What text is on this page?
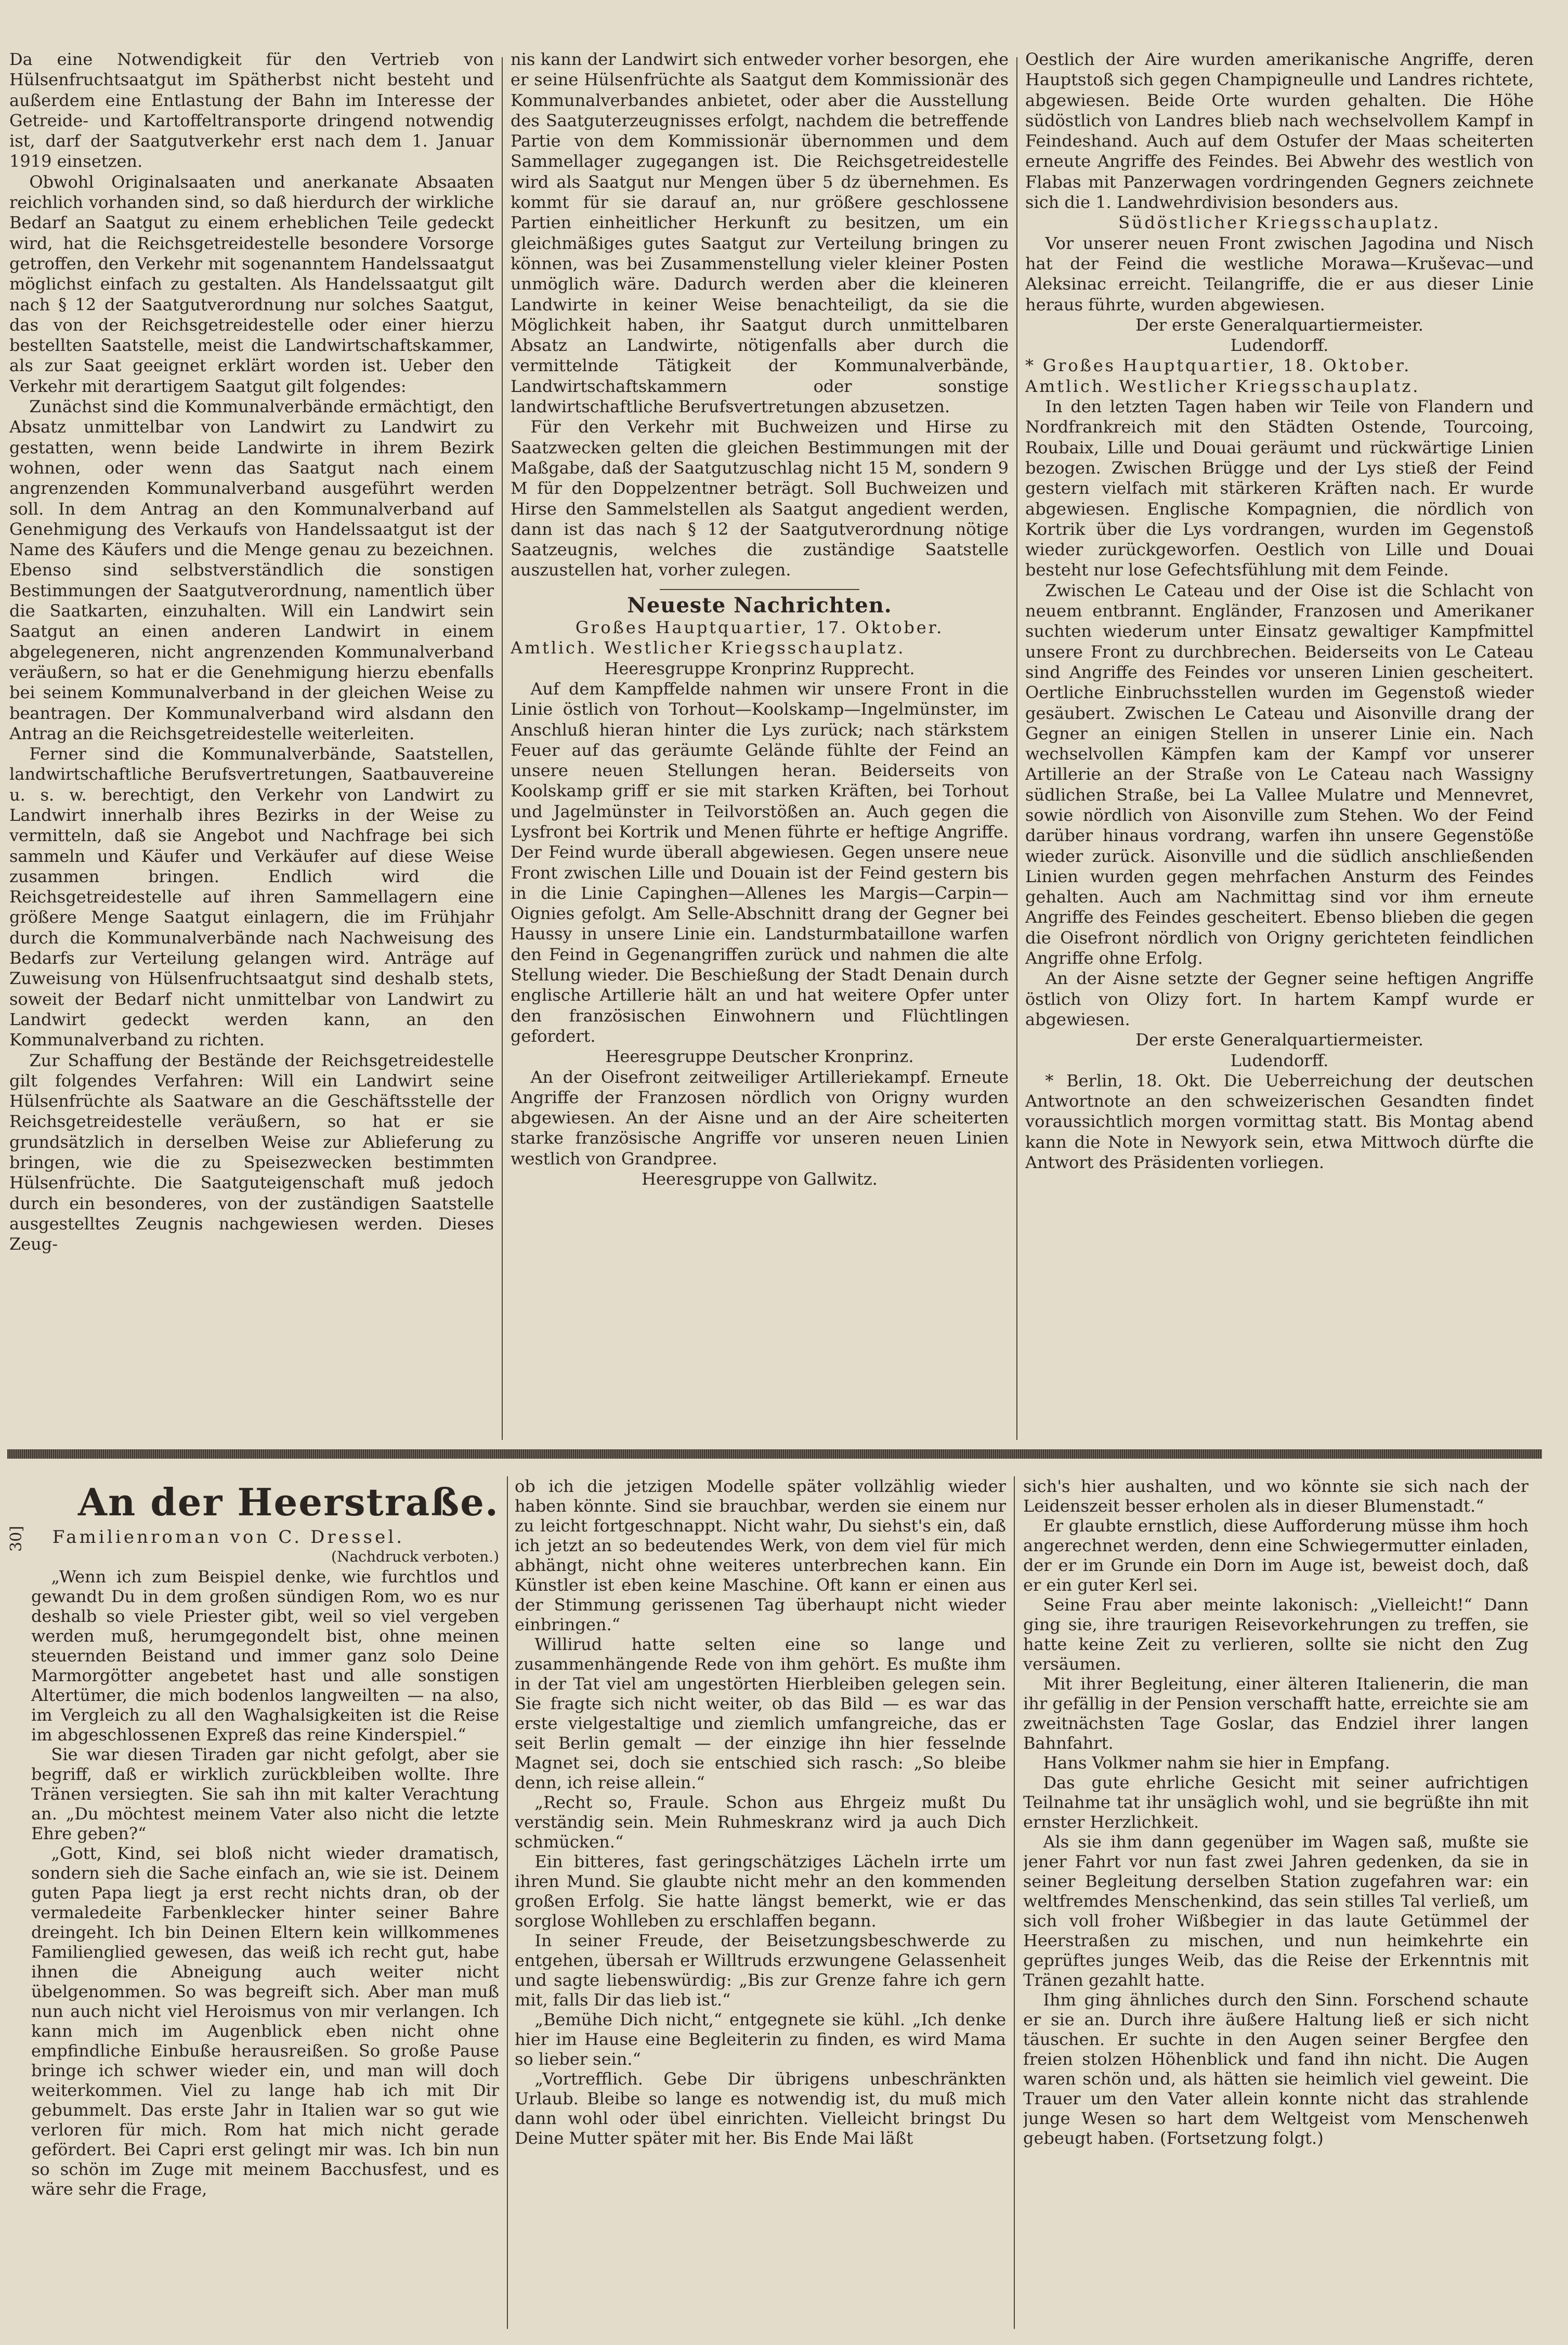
Da eine Notwendigkeit für den Vertrieb von Hülsenfruchtsaatgut im Spätherbst nicht besteht und außerdem eine Entlastung der Bahn im Interesse der Getreide- und Kartoffeltransporte dringend notwendig ist, darf der Saatgutverkehr erst nach dem 1. Januar 1919 einsetzen.

Obwohl Originalsaaten und anerkanate Absaaten reichlich vorhanden sind, so daß hierdurch der wirkliche Bedarf an Saatgut zu einem erheblichen Teile gedeckt wird, hat die Reichsgetreidestelle besondere Vorsorge getroffen, den Verkehr mit sogenanntem Handelssaatgut möglichst einfach zu gestalten. Als Handelssaatgut gilt nach § 12 der Saatgutverordnung nur solches Saatgut, das von der Reichsgetreidestelle oder einer hierzu bestellten Saatstelle, meist die Landwirtschaftskammer, als zur Saat geeignet erklärt worden ist. Ueber den Verkehr mit derartigem Saatgut gilt folgendes:

Zunächst sind die Kommunalverbände ermächtigt, den Absatz unmittelbar von Landwirt zu Landwirt zu gestatten, wenn beide Landwirte in ihrem Bezirk wohnen, oder wenn das Saatgut nach einem angrenzenden Kommunalverband ausgeführt werden soll. In dem Antrag an den Kommunalverband auf Genehmigung des Verkaufs von Handelssaatgut ist der Name des Käufers und die Menge genau zu bezeichnen. Ebenso sind selbstverständlich die sonstigen Bestimmungen der Saatgutverordnung, namentlich über die Saatkarten, einzuhalten. Will ein Landwirt sein Saatgut an einen anderen Landwirt in einem abgelegeneren, nicht angrenzenden Kommunalverband veräußern, so hat er die Genehmigung hierzu ebenfalls bei seinem Kommunalverband in der gleichen Weise zu beantragen. Der Kommunalverband wird alsdann den Antrag an die Reichsgetreidestelle weiterleiten.

Ferner sind die Kommunalverbände, Saatstellen, landwirtschaftliche Berufsvertretungen, Saatbauvereine u. s. w. berechtigt, den Verkehr von Landwirt zu Landwirt innerhalb ihres Bezirks in der Weise zu vermitteln, daß sie Angebot und Nachfrage bei sich sammeln und Käufer und Verkäufer auf diese Weise zusammen bringen. Endlich wird die Reichsgetreidestelle auf ihren Sammellagern eine größere Menge Saatgut einlagern, die im Frühjahr durch die Kommunalverbände nach Nachweisung des Bedarfs zur Verteilung gelangen wird. Anträge auf Zuweisung von Hülsenfruchtsaatgut sind deshalb stets, soweit der Bedarf nicht unmittelbar von Landwirt zu Landwirt gedeckt werden kann, an den Kommunalverband zu richten.

Zur Schaffung der Bestände der Reichsgetreidestelle gilt folgendes Verfahren: Will ein Landwirt seine Hülsenfrüchte als Saatware an die Geschäftsstelle der Reichsgetreidestelle veräußern, so hat er sie grundsätzlich in derselben Weise zur Ablieferung zu bringen, wie die zu Speisezwecken bestimmten Hülsenfrüchte. Die Saatguteigenschaft muß jedoch durch ein besonderes, von der zuständigen Saatstelle ausgestelltes Zeugnis nachgewiesen werden. Dieses Zeug-

nis kann der Landwirt sich entweder vorher besorgen, ehe er seine Hülsenfrüchte als Saatgut dem Kommissionär des Kommunalverbandes anbietet, oder aber die Ausstellung des Saatguterzeugnisses erfolgt, nachdem die betreffende Partie von dem Kommissionär übernommen und dem Sammellager zugegangen ist. Die Reichsgetreidestelle wird als Saatgut nur Mengen über 5 dz übernehmen. Es kommt für sie darauf an, nur größere geschlossene Partien einheitlicher Herkunft zu besitzen, um ein gleichmäßiges gutes Saatgut zur Verteilung bringen zu können, was bei Zusammenstellung vieler kleiner Posten unmöglich wäre. Dadurch werden aber die kleineren Landwirte in keiner Weise benachteiligt, da sie die Möglichkeit haben, ihr Saatgut durch unmittelbaren Absatz an Landwirte, nötigenfalls aber durch die vermittelnde Tätigkeit der Kommunalverbände, Landwirtschaftskammern oder sonstige landwirtschaftliche Berufsvertretungen abzusetzen.

Für den Verkehr mit Buchweizen und Hirse zu Saatzwecken gelten die gleichen Bestimmungen mit der Maßgabe, daß der Saatgutzuschlag nicht 15 M, sondern 9 M für den Doppelzentner beträgt. Soll Buchweizen und Hirse den Sammelstellen als Saatgut angedient werden, dann ist das nach § 12 der Saatgutverordnung nötige Saatzeugnis, welches die zuständige Saatstelle auszustellen hat, vorher zulegen.

Neueste Nachrichten.

Großes Hauptquartier, 17. Oktober.

Amtlich. Westlicher Kriegsschauplatz.

Heeresgruppe Kronprinz Rupprecht.

Auf dem Kampffelde nahmen wir unsere Front in die Linie östlich von Torhout—Koolskamp—Ingelmünster, im Anschluß hieran hinter die Lys zurück; nach stärkstem Feuer auf das geräumte Gelände fühlte der Feind an unsere neuen Stellungen heran. Beiderseits von Koolskamp griff er sie mit starken Kräften, bei Torhout und Jagelmünster in Teilvorstößen an. Auch gegen die Lysfront bei Kortrik und Menen führte er heftige Angriffe. Der Feind wurde überall abgewiesen. Gegen unsere neue Front zwischen Lille und Douain ist der Feind gestern bis in die Linie Capinghen—Allenes les Margis—Carpin—Oignies gefolgt. Am Selle-Abschnitt drang der Gegner bei Haussy in unsere Linie ein. Landsturmbataillone warfen den Feind in Gegenangriffen zurück und nahmen die alte Stellung wieder. Die Beschießung der Stadt Denain durch englische Artillerie hält an und hat weitere Opfer unter den französischen Einwohnern und Flüchtlingen gefordert.

Heeresgruppe Deutscher Kronprinz.

An der Oisefront zeitweiliger Artilleriekampf. Erneute Angriffe der Franzosen nördlich von Origny wurden abgewiesen. An der Aisne und an der Aire scheiterten starke französische Angriffe vor unseren neuen Linien westlich von Grandpree.

Heeresgruppe von Gallwitz.

Oestlich der Aire wurden amerikanische Angriffe, deren Hauptstoß sich gegen Champigneulle und Landres richtete, abgewiesen. Beide Orte wurden gehalten. Die Höhe südöstlich von Landres blieb nach wechselvollem Kampf in Feindeshand. Auch auf dem Ostufer der Maas scheiterten erneute Angriffe des Feindes. Bei Abwehr des westlich von Flabas mit Panzerwagen vordringenden Gegners zeichnete sich die 1. Landwehrdivision besonders aus.

Südöstlicher Kriegsschauplatz.

Vor unserer neuen Front zwischen Jagodina und Nisch hat der Feind die westliche Morawa—Kruševac—und Aleksinac erreicht. Teilangriffe, die er aus dieser Linie heraus führte, wurden abgewiesen.

Der erste Generalquartiermeister.

Ludendorff.

* Großes Hauptquartier, 18. Oktober.

Amtlich. Westlicher Kriegsschauplatz.

In den letzten Tagen haben wir Teile von Flandern und Nordfrankreich mit den Städten Ostende, Tourcoing, Roubaix, Lille und Douai geräumt und rückwärtige Linien bezogen. Zwischen Brügge und der Lys stieß der Feind gestern vielfach mit stärkeren Kräften nach. Er wurde abgewiesen. Englische Kompagnien, die nördlich von Kortrik über die Lys vordrangen, wurden im Gegenstoß wieder zurückgeworfen. Oestlich von Lille und Douai besteht nur lose Gefechtsfühlung mit dem Feinde.

Zwischen Le Cateau und der Oise ist die Schlacht von neuem entbrannt. Engländer, Franzosen und Amerikaner suchten wiederum unter Einsatz gewaltiger Kampfmittel unsere Front zu durchbrechen. Beiderseits von Le Cateau sind Angriffe des Feindes vor unseren Linien gescheitert. Oertliche Einbruchsstellen wurden im Gegenstoß wieder gesäubert. Zwischen Le Cateau und Aisonville drang der Gegner an einigen Stellen in unserer Linie ein. Nach wechselvollen Kämpfen kam der Kampf vor unserer Artillerie an der Straße von Le Cateau nach Wassigny südlichen Straße, bei La Vallee Mulatre und Mennevret, sowie nördlich von Aisonville zum Stehen. Wo der Feind darüber hinaus vordrang, warfen ihn unsere Gegenstöße wieder zurück. Aisonville und die südlich anschließenden Linien wurden gegen mehrfachen Ansturm des Feindes gehalten. Auch am Nachmittag sind vor ihm erneute Angriffe des Feindes gescheitert. Ebenso blieben die gegen die Oisefront nördlich von Origny gerichteten feindlichen Angriffe ohne Erfolg.

An der Aisne setzte der Gegner seine heftigen Angriffe östlich von Olizy fort. In hartem Kampf wurde er abgewiesen.

Der erste Generalquartiermeister.

Ludendorff.

* Berlin, 18. Okt. Die Ueberreichung der deutschen Antwortnote an den schweizerischen Gesandten findet voraussichtlich morgen vormittag statt. Bis Montag abend kann die Note in Newyork sein, etwa Mittwoch dürfte die Antwort des Präsidenten vorliegen.

30]
An der Heerstraße.

Familienroman von C. Dressel.

(Nachdruck verboten.)

„Wenn ich zum Beispiel denke, wie furchtlos und gewandt Du in dem großen sündigen Rom, wo es nur deshalb so viele Priester gibt, weil so viel vergeben werden muß, herumgegondelt bist, ohne meinen steuernden Beistand und immer ganz solo Deine Marmorgötter angebetet hast und alle sonstigen Altertümer, die mich bodenlos langweilten — na also, im Vergleich zu all den Waghalsigkeiten ist die Reise im abgeschlossenen Expreß das reine Kinderspiel.“

Sie war diesen Tiraden gar nicht gefolgt, aber sie begriff, daß er wirklich zurückbleiben wollte. Ihre Tränen versiegten. Sie sah ihn mit kalter Verachtung an. „Du möchtest meinem Vater also nicht die letzte Ehre geben?“

„Gott, Kind, sei bloß nicht wieder dramatisch, sondern sieh die Sache einfach an, wie sie ist. Deinem guten Papa liegt ja erst recht nichts dran, ob der vermaledeite Farbenklecker hinter seiner Bahre dreingeht. Ich bin Deinen Eltern kein willkommenes Familienglied gewesen, das weiß ich recht gut, habe ihnen die Abneigung auch weiter nicht übelgenommen. So was begreift sich. Aber man muß nun auch nicht viel Heroismus von mir verlangen. Ich kann mich im Augenblick eben nicht ohne empfindliche Einbuße herausreißen. So große Pause bringe ich schwer wieder ein, und man will doch weiterkommen. Viel zu lange hab ich mit Dir gebummelt. Das erste Jahr in Italien war so gut wie verloren für mich. Rom hat mich nicht gerade gefördert. Bei Capri erst gelingt mir was. Ich bin nun so schön im Zuge mit meinem Bacchusfest, und es wäre sehr die Frage,

ob ich die jetzigen Modelle später vollzählig wieder haben könnte. Sind sie brauchbar, werden sie einem nur zu leicht fortgeschnappt. Nicht wahr, Du siehst's ein, daß ich jetzt an so bedeutendes Werk, von dem viel für mich abhängt, nicht ohne weiteres unterbrechen kann. Ein Künstler ist eben keine Maschine. Oft kann er einen aus der Stimmung gerissenen Tag überhaupt nicht wieder einbringen.“

Willirud hatte selten eine so lange und zusammenhängende Rede von ihm gehört. Es mußte ihm in der Tat viel am ungestörten Hierbleiben gelegen sein. Sie fragte sich nicht weiter, ob das Bild — es war das erste vielgestaltige und ziemlich umfangreiche, das er seit Berlin gemalt — der einzige ihn hier fesselnde Magnet sei, doch sie entschied sich rasch: „So bleibe denn, ich reise allein.“

„Recht so, Fraule. Schon aus Ehrgeiz mußt Du verständig sein. Mein Ruhmeskranz wird ja auch Dich schmücken.“

Ein bitteres, fast geringschätziges Lächeln irrte um ihren Mund. Sie glaubte nicht mehr an den kommenden großen Erfolg. Sie hatte längst bemerkt, wie er das sorglose Wohlleben zu erschlaffen begann.

In seiner Freude, der Beisetzungsbeschwerde zu entgehen, übersah er Willtruds erzwungene Gelassenheit und sagte liebenswürdig: „Bis zur Grenze fahre ich gern mit, falls Dir das lieb ist.“

„Bemühe Dich nicht,“ entgegnete sie kühl. „Ich denke hier im Hause eine Begleiterin zu finden, es wird Mama so lieber sein.“

„Vortrefflich. Gebe Dir übrigens unbeschränkten Urlaub. Bleibe so lange es notwendig ist, du muß mich dann wohl oder übel einrichten. Vielleicht bringst Du Deine Mutter später mit her. Bis Ende Mai läßt

sich's hier aushalten, und wo könnte sie sich nach der Leidenszeit besser erholen als in dieser Blumenstadt.“

Er glaubte ernstlich, diese Aufforderung müsse ihm hoch angerechnet werden, denn eine Schwiegermutter einladen, der er im Grunde ein Dorn im Auge ist, beweist doch, daß er ein guter Kerl sei.

Seine Frau aber meinte lakonisch: „Vielleicht!“ Dann ging sie, ihre traurigen Reisevorkehrungen zu treffen, sie hatte keine Zeit zu verlieren, sollte sie nicht den Zug versäumen.

Mit ihrer Begleitung, einer älteren Italienerin, die man ihr gefällig in der Pension verschafft hatte, erreichte sie am zweitnächsten Tage Goslar, das Endziel ihrer langen Bahnfahrt.

Hans Volkmer nahm sie hier in Empfang.

Das gute ehrliche Gesicht mit seiner aufrichtigen Teilnahme tat ihr unsäglich wohl, und sie begrüßte ihn mit ernster Herzlichkeit.

Als sie ihm dann gegenüber im Wagen saß, mußte sie jener Fahrt vor nun fast zwei Jahren gedenken, da sie in seiner Begleitung derselben Station zugefahren war: ein weltfremdes Menschenkind, das sein stilles Tal verließ, um sich voll froher Wißbegier in das laute Getümmel der Heerstraßen zu mischen, und nun heimkehrte ein geprüftes junges Weib, das die Reise der Erkenntnis mit Tränen gezahlt hatte.

Ihm ging ähnliches durch den Sinn. Forschend schaute er sie an. Durch ihre äußere Haltung ließ er sich nicht täuschen. Er suchte in den Augen seiner Bergfee den freien stolzen Höhenblick und fand ihn nicht. Die Augen waren schön und, als hätten sie heimlich viel geweint. Die Trauer um den Vater allein konnte nicht das strahlende junge Wesen so hart dem Weltgeist vom Menschenweh gebeugt haben. (Fortsetzung folgt.)
